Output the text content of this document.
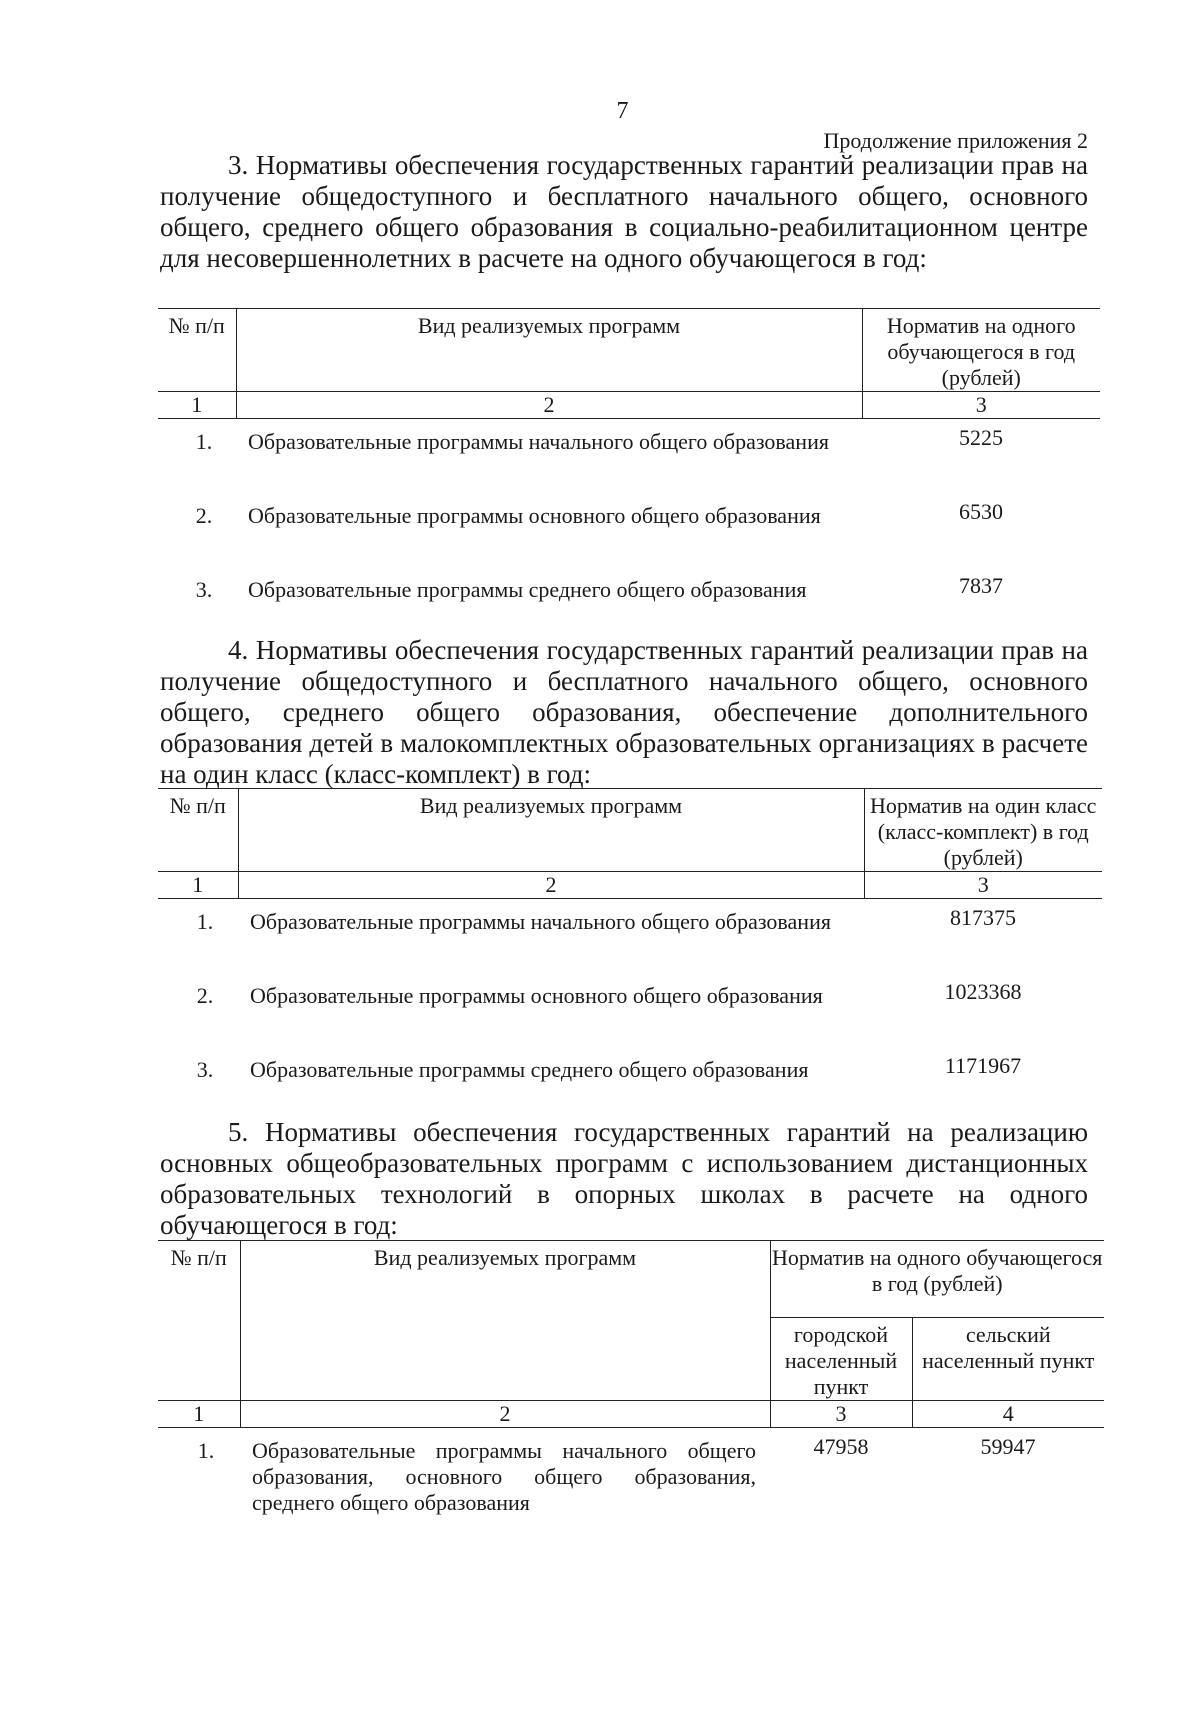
7
Продолжение приложения 2

3. Нормативы обеспечения государственных гарантий реализации прав на получение общедоступного и бесплатного начального общего, основного общего, среднего общего образования в социально-реабилитационном центре для несовершеннолетних в расчете на одного обучающегося в год:

№ п/п	Вид реализуемых программ	Норматив на одного обучающегося в год (рублей)
1	2	3
1.	Образовательные программы начального общего образования	5225
2.	Образовательные программы основного общего образования	6530
3.	Образовательные программы среднего общего образования	7837

4. Нормативы обеспечения государственных гарантий реализации прав на получение общедоступного и бесплатного начального общего, основного общего, среднего общего образования, обеспечение дополнительного образования детей в малокомплектных образовательных организациях в расчете на один класс (класс-комплект) в год:

№ п/п	Вид реализуемых программ	Норматив на один класс (класс-комплект) в год (рублей)
1	2	3
1.	Образовательные программы начального общего образования	817375
2.	Образовательные программы основного общего образования	1023368
3.	Образовательные программы среднего общего образования	1171967

5. Нормативы обеспечения государственных гарантий на реализацию основных общеобразовательных программ с использованием дистанционных образовательных технологий в опорных школах в расчете на одного обучающегося в год:

№ п/п	Вид реализуемых программ	Норматив на одного обучающегося в год (рублей)	
		городской населенный пункт	сельский населенный пункт
1	2	3	4
1.	Образовательные программы начального общего образования, основного общего образования, среднего общего образования	47958	59947
